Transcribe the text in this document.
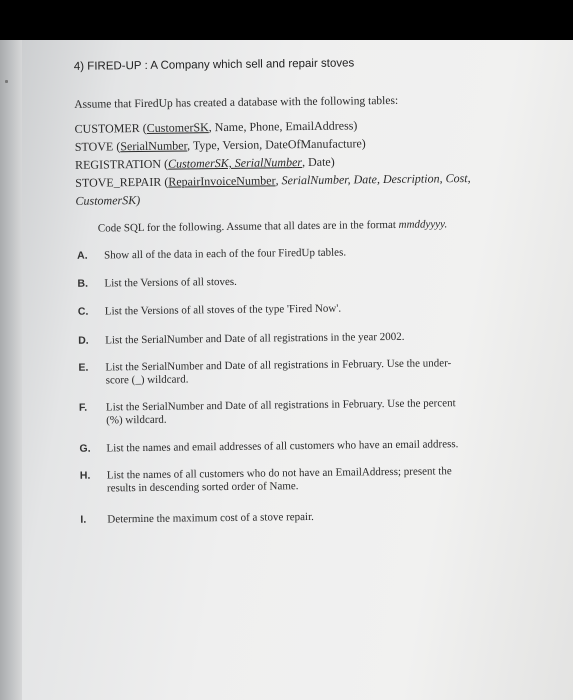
4) FIRED-UP : A Company which sell and repair stoves
Assume that FiredUp has created a database with the following tables:
CUSTOMER (CustomerSK, Name, Phone, EmailAddress)
STOVE (SerialNumber, Type, Version, DateOfManufacture)
REGISTRATION (CustomerSK, SerialNumber, Date)
STOVE_REPAIR (RepairInvoiceNumber, SerialNumber, Date, Description, Cost,
CustomerSK)
Code SQL for the following. Assume that all dates are in the format mmddyyyy.
A. Show all of the data in each of the four FiredUp tables.
B. List the Versions of all stoves.
C. List the Versions of all stoves of the type 'Fired Now'.
D. List the SerialNumber and Date of all registrations in the year 2002.
E. List the SerialNumber and Date of all registrations in February. Use the under-
score (_) wildcard.
F. List the SerialNumber and Date of all registrations in February. Use the percent
(%) wildcard.
G. List the names and email addresses of all customers who have an email address.
H. List the names of all customers who do not have an EmailAddress; present the
results in descending sorted order of Name.
I. Determine the maximum cost of a stove repair.
